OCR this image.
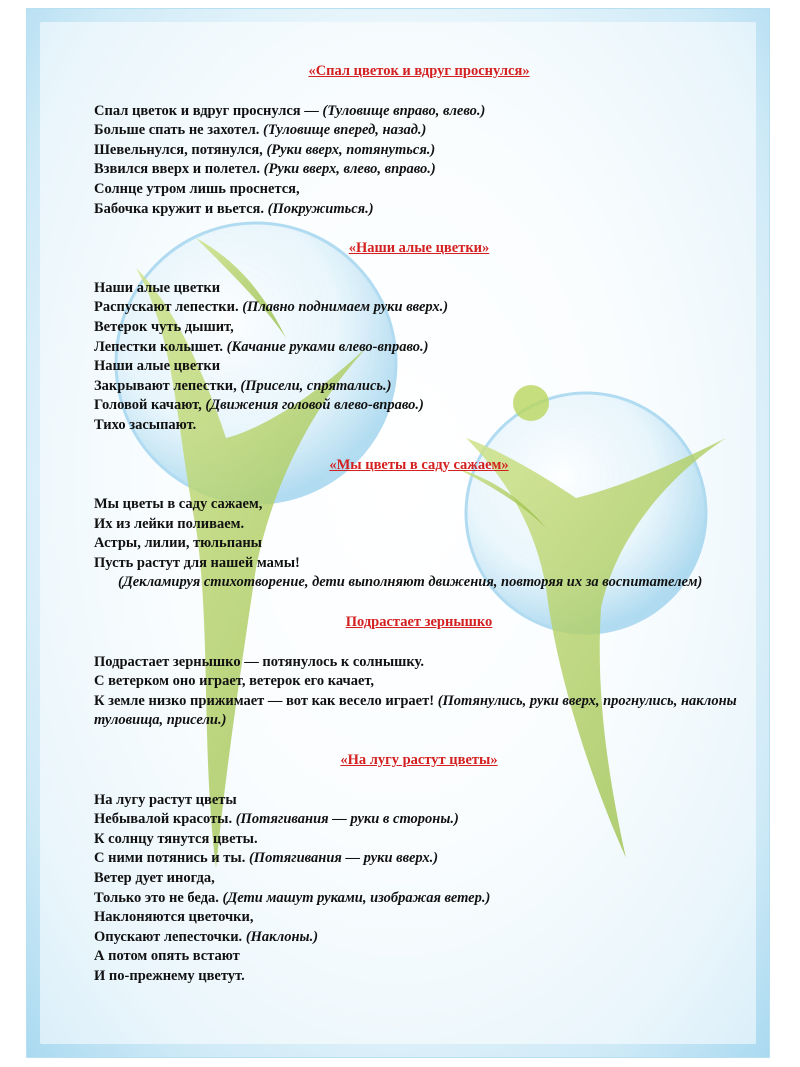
«Спал цветок и вдруг проснулся»

Спал цветок и вдруг проснулся — (Туловище вправо, влево.)

Больше спать не захотел. (Туловище вперед, назад.)

Шевельнулся, потянулся, (Руки вверх, потянуться.)

Взвился вверх и полетел. (Руки вверх, влево, вправо.)

Солнце утром лишь проснется,

Бабочка кружит и вьется. (Покружиться.)

«Наши алые цветки»

Наши алые цветки

Распускают лепестки. (Плавно поднимаем руки вверх.)

Ветерок чуть дышит,

Лепестки колышет. (Качание руками влево-вправо.)

Наши алые цветки

Закрывают лепестки, (Присели, спрятались.)

Головой качают, (Движения головой влево-вправо.)

Тихо засыпают.

«Мы цветы в саду сажаем»

Мы цветы в саду сажаем,

Их из лейки поливаем.

Астры, лилии, тюльпаны

Пусть растут для нашей мамы!

(Декламируя стихотворение, дети выполняют движения, повторяя их за воспитателем)

Подрастает зернышко

Подрастает зернышко — потянулось к солнышку.

С ветерком оно играет, ветерок его качает,

К земле низко прижимает — вот как весело играет! (Потянулись, руки вверх, прогнулись, наклоны туловища, присели.)

«На лугу растут цветы»

На лугу растут цветы

Небывалой красоты. (Потягивания — руки в стороны.)

К солнцу тянутся цветы.

С ними потянись и ты. (Потягивания — руки вверх.)

Ветер дует иногда,

Только это не беда. (Дети машут руками, изображая ветер.)

Наклоняются цветочки,

Опускают лепесточки. (Наклоны.)

А потом опять встают

И по-прежнему цветут.
